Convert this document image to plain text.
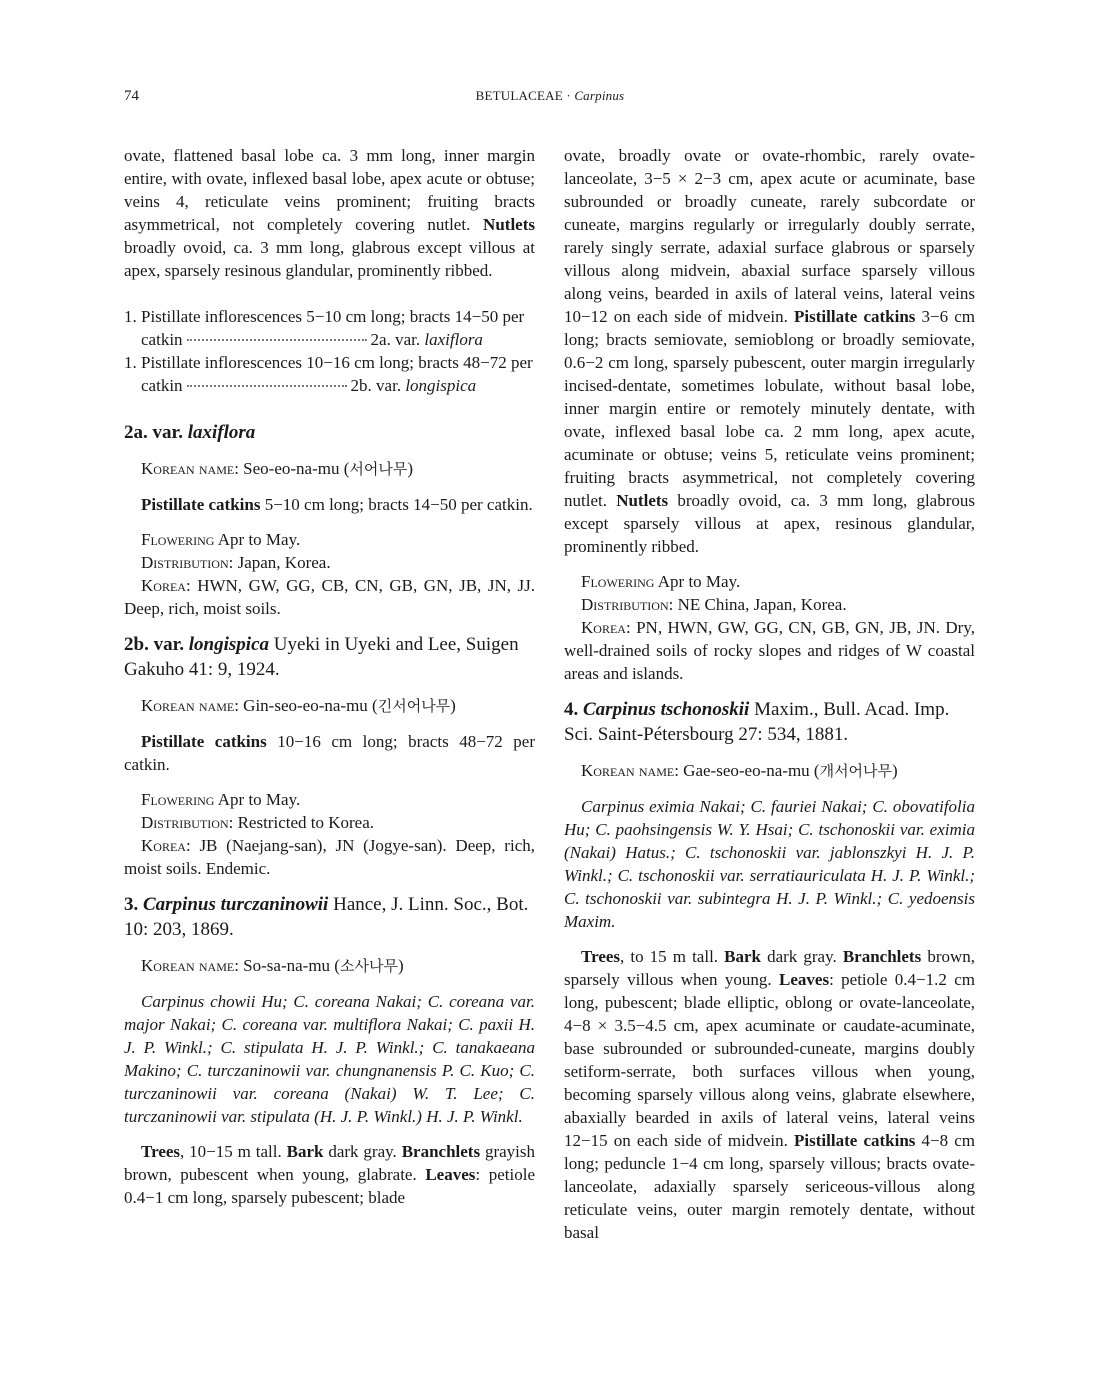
74	BETULACEAE · Carpinus

ovate, flattened basal lobe ca. 3 mm long, inner margin entire, with ovate, inflexed basal lobe, apex acute or obtuse; veins 4, reticulate veins prominent; fruiting bracts asymmetrical, not completely covering nutlet. Nutlets broadly ovoid, ca. 3 mm long, glabrous except villous at apex, sparsely resinous glandular, prominently ribbed.

1. Pistillate inflorescences 5−10 cm long; bracts 14−50 per catkin	2a. var. laxiflora

1. Pistillate inflorescences 10−16 cm long; bracts 48−72 per catkin	2b. var. longispica

2a. var. laxiflora

Korean name: Seo-eo-na-mu (서어나무)

Pistillate catkins 5−10 cm long; bracts 14−50 per catkin.

Flowering Apr to May.

Distribution: Japan, Korea.

Korea: HWN, GW, GG, CB, CN, GB, GN, JB, JN, JJ. Deep, rich, moist soils.

2b. var. longispica Uyeki in Uyeki and Lee, Suigen Gakuho 41: 9, 1924.

Korean name: Gin-seo-eo-na-mu (긴서어나무)

Pistillate catkins 10−16 cm long; bracts 48−72 per catkin.

Flowering Apr to May.

Distribution: Restricted to Korea.

Korea: JB (Naejang-san), JN (Jogye-san). Deep, rich, moist soils. Endemic.

3. Carpinus turczaninowii Hance, J. Linn. Soc., Bot. 10: 203, 1869.

Korean name: So-sa-na-mu (소사나무)

Carpinus chowii Hu; C. coreana Nakai; C. coreana var. major Nakai; C. coreana var. multiflora Nakai; C. paxii H. J. P. Winkl.; C. stipulata H. J. P. Winkl.; C. tanakaeana Makino; C. turczaninowii var. chungnanensis P. C. Kuo; C. turczaninowii var. coreana (Nakai) W. T. Lee; C. turczaninowii var. stipulata (H. J. P. Winkl.) H. J. P. Winkl.

Trees, 10−15 m tall. Bark dark gray. Branchlets grayish brown, pubescent when young, glabrate. Leaves: petiole 0.4−1 cm long, sparsely pubescent; blade

ovate, broadly ovate or ovate-rhombic, rarely ovate-lanceolate, 3−5 × 2−3 cm, apex acute or acuminate, base subrounded or broadly cuneate, rarely subcordate or cuneate, margins regularly or irregularly doubly serrate, rarely singly serrate, adaxial surface glabrous or sparsely villous along midvein, abaxial surface sparsely villous along veins, bearded in axils of lateral veins, lateral veins 10−12 on each side of midvein. Pistillate catkins 3−6 cm long; bracts semiovate, semioblong or broadly semiovate, 0.6−2 cm long, sparsely pubescent, outer margin irregularly incised-dentate, sometimes lobulate, without basal lobe, inner margin entire or remotely minutely dentate, with ovate, inflexed basal lobe ca. 2 mm long, apex acute, acuminate or obtuse; veins 5, reticulate veins prominent; fruiting bracts asymmetrical, not completely covering nutlet. Nutlets broadly ovoid, ca. 3 mm long, glabrous except sparsely villous at apex, resinous glandular, prominently ribbed.

Flowering Apr to May.

Distribution: NE China, Japan, Korea.

Korea: PN, HWN, GW, GG, CN, GB, GN, JB, JN. Dry, well-drained soils of rocky slopes and ridges of W coastal areas and islands.

4. Carpinus tschonoskii Maxim., Bull. Acad. Imp. Sci. Saint-Pétersbourg 27: 534, 1881.

Korean name: Gae-seo-eo-na-mu (개서어나무)

Carpinus eximia Nakai; C. fauriei Nakai; C. obovatifolia Hu; C. paohsingensis W. Y. Hsai; C. tschonoskii var. eximia (Nakai) Hatus.; C. tschonoskii var. jablonszkyi H. J. P. Winkl.; C. tschonoskii var. serratiauriculata H. J. P. Winkl.; C. tschonoskii var. subintegra H. J. P. Winkl.; C. yedoensis Maxim.

Trees, to 15 m tall. Bark dark gray. Branchlets brown, sparsely villous when young. Leaves: petiole 0.4−1.2 cm long, pubescent; blade elliptic, oblong or ovate-lanceolate, 4−8 × 3.5−4.5 cm, apex acuminate or caudate-acuminate, base subrounded or subrounded-cuneate, margins doubly setiform-serrate, both surfaces villous when young, becoming sparsely villous along veins, glabrate elsewhere, abaxially bearded in axils of lateral veins, lateral veins 12−15 on each side of midvein. Pistillate catkins 4−8 cm long; peduncle 1−4 cm long, sparsely villous; bracts ovate-lanceolate, adaxially sparsely sericeous-villous along reticulate veins, outer margin remotely dentate, without basal
